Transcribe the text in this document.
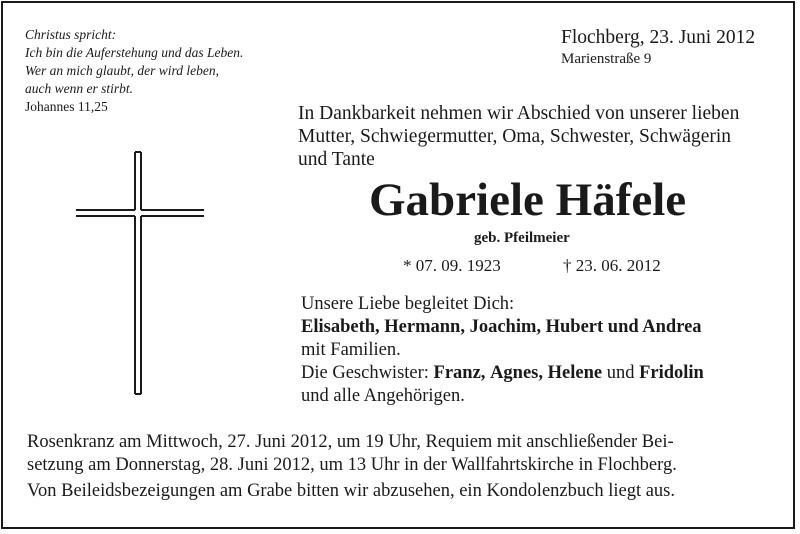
Christus spricht:
Ich bin die Auferstehung und das Leben.
Wer an mich glaubt, der wird leben,
auch wenn er stirbt.
Johannes 11,25
Flochberg, 23. Juni 2012
Marienstraße 9
In Dankbarkeit nehmen wir Abschied von unserer lieben
Mutter, Schwiegermutter, Oma, Schwester, Schwägerin
und Tante
Gabriele Häfele
geb. Pfeilmeier
* 07. 09. 1923	† 23. 06. 2012
Unsere Liebe begleitet Dich:
Elisabeth, Hermann, Joachim, Hubert und Andrea
mit Familien.
Die Geschwister: Franz, Agnes, Helene und Fridolin
und alle Angehörigen.
Rosenkranz am Mittwoch, 27. Juni 2012, um 19 Uhr, Requiem mit anschließender Bei-
setzung am Donnerstag, 28. Juni 2012, um 13 Uhr in der Wallfahrtskirche in Flochberg.
Von Beileidsbezeigungen am Grabe bitten wir abzusehen, ein Kondolenzbuch liegt aus.
